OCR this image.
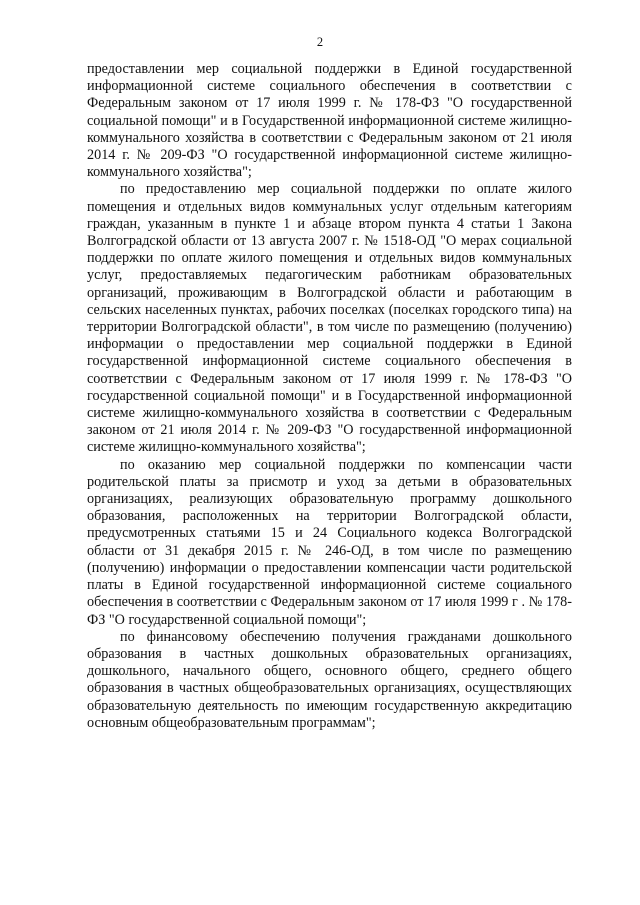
2

предоставлении мер социальной поддержки в Единой государственной информационной системе социального обеспечения в соответствии с Федеральным законом от 17 июля 1999 г. № 178-ФЗ "О государственной социальной помощи" и в Государственной информационной системе жилищно-коммунального хозяйства в соответствии с Федеральным законом от 21 июля 2014 г. № 209-ФЗ "О государственной информационной системе жилищно-коммунального хозяйства";

по предоставлению мер социальной поддержки по оплате жилого помещения и отдельных видов коммунальных услуг отдельным категориям граждан, указанным в пункте 1 и абзаце втором пункта 4 статьи 1 Закона Волгоградской области от 13 августа 2007 г. № 1518-ОД "О мерах социальной поддержки по оплате жилого помещения и отдельных видов коммунальных услуг, предоставляемых педагогическим работникам образовательных организаций, проживающим в Волгоградской области и работающим в сельских населенных пунктах, рабочих поселках (поселках городского типа) на территории Волгоградской области", в том числе по размещению (получению) информации о предоставлении мер социальной поддержки в Единой государственной информационной системе социального обеспечения в соответствии с Федеральным законом от 17 июля 1999 г. № 178-ФЗ "О государственной социальной помощи" и в Государственной информационной системе жилищно-коммунального хозяйства в соответствии с Федеральным законом от 21 июля 2014 г. № 209-ФЗ "О государственной информационной системе жилищно-коммунального хозяйства";

по оказанию мер социальной поддержки по компенсации части родительской платы за присмотр и уход за детьми в образовательных организациях, реализующих образовательную программу дошкольного образования, расположенных на территории Волгоградской области, предусмотренных статьями 15 и 24 Социального кодекса Волгоградской области от 31 декабря 2015 г. № 246-ОД, в том числе по размещению (получению) информации о предоставлении компенсации части родительской платы в Единой государственной информационной системе социального обеспечения в соответствии с Федеральным законом от 17 июля 1999 г . № 178-ФЗ "О государственной социальной помощи";

по финансовому обеспечению получения гражданами дошкольного образования в частных дошкольных образовательных организациях, дошкольного, начального общего, основного общего, среднего общего образования в частных общеобразовательных организациях, осуществляющих образовательную деятельность по имеющим государственную аккредитацию основным общеобразовательным программам";
